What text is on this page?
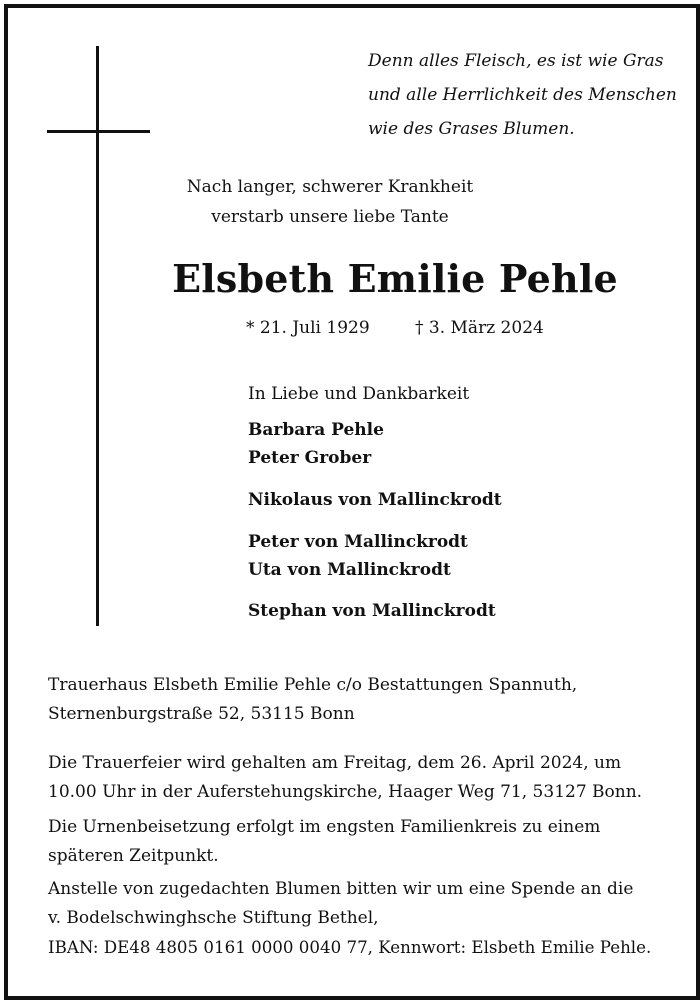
Denn alles Fleisch, es ist wie Gras
und alle Herrlichkeit des Menschen
wie des Grases Blumen.
Nach langer, schwerer Krankheit
verstarb unsere liebe Tante
Elsbeth Emilie Pehle
* 21. Juli 1929	† 3. März 2024
In Liebe und Dankbarkeit
Barbara Pehle
Peter Grober
Nikolaus von Mallinckrodt
Peter von Mallinckrodt
Uta von Mallinckrodt
Stephan von Mallinckrodt
Trauerhaus Elsbeth Emilie Pehle c/o Bestattungen Spannuth,
Sternenburgstraße 52, 53115 Bonn
Die Trauerfeier wird gehalten am Freitag, dem 26. April 2024, um
10.00 Uhr in der Auferstehungskirche, Haager Weg 71, 53127 Bonn.
Die Urnenbeisetzung erfolgt im engsten Familienkreis zu einem
späteren Zeitpunkt.
Anstelle von zugedachten Blumen bitten wir um eine Spende an die
v. Bodelschwinghsche Stiftung Bethel,
IBAN: DE48 4805 0161 0000 0040 77, Kennwort: Elsbeth Emilie Pehle.
